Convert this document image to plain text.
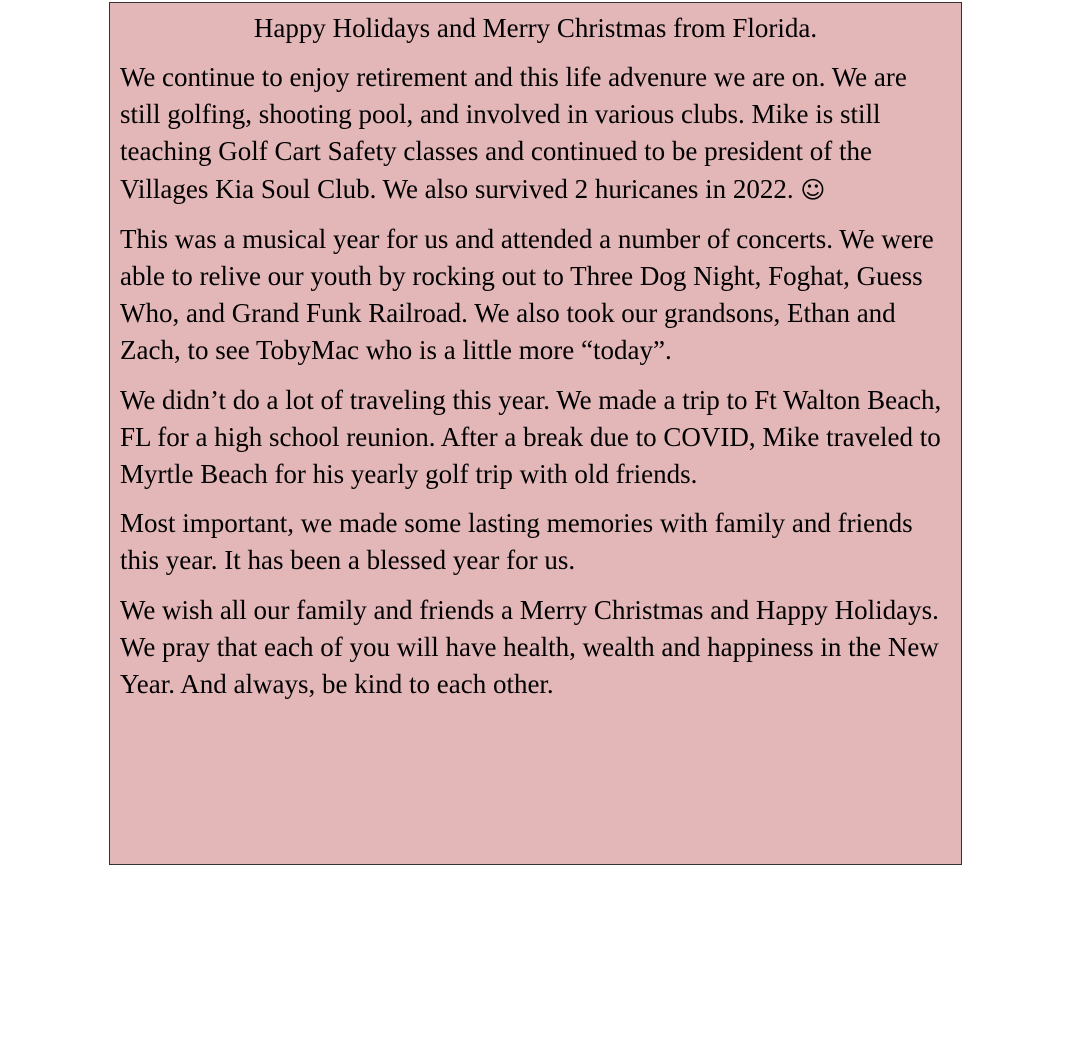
Happy Holidays and Merry Christmas from Florida.

We continue to enjoy retirement and this life advenure we are on. We are still golfing, shooting pool, and involved in various clubs. Mike is still teaching Golf Cart Safety classes and continued to be president of the Villages Kia Soul Club. We also survived 2 huricanes in 2022. ☺

This was a musical year for us and attended a number of concerts. We were able to relive our youth by rocking out to Three Dog Night, Foghat, Guess Who, and Grand Funk Railroad. We also took our grandsons, Ethan and Zach, to see TobyMac who is a little more “today”.

We didn’t do a lot of traveling this year. We made a trip to Ft Walton Beach, FL for a high school reunion. After a break due to COVID, Mike traveled to Myrtle Beach for his yearly golf trip with old friends.

Most important, we made some lasting memories with family and friends this year. It has been a blessed year for us.

We wish all our family and friends a Merry Christmas and Happy Holidays. We pray that each of you will have health, wealth and happiness in the New Year. And always, be kind to each other.
